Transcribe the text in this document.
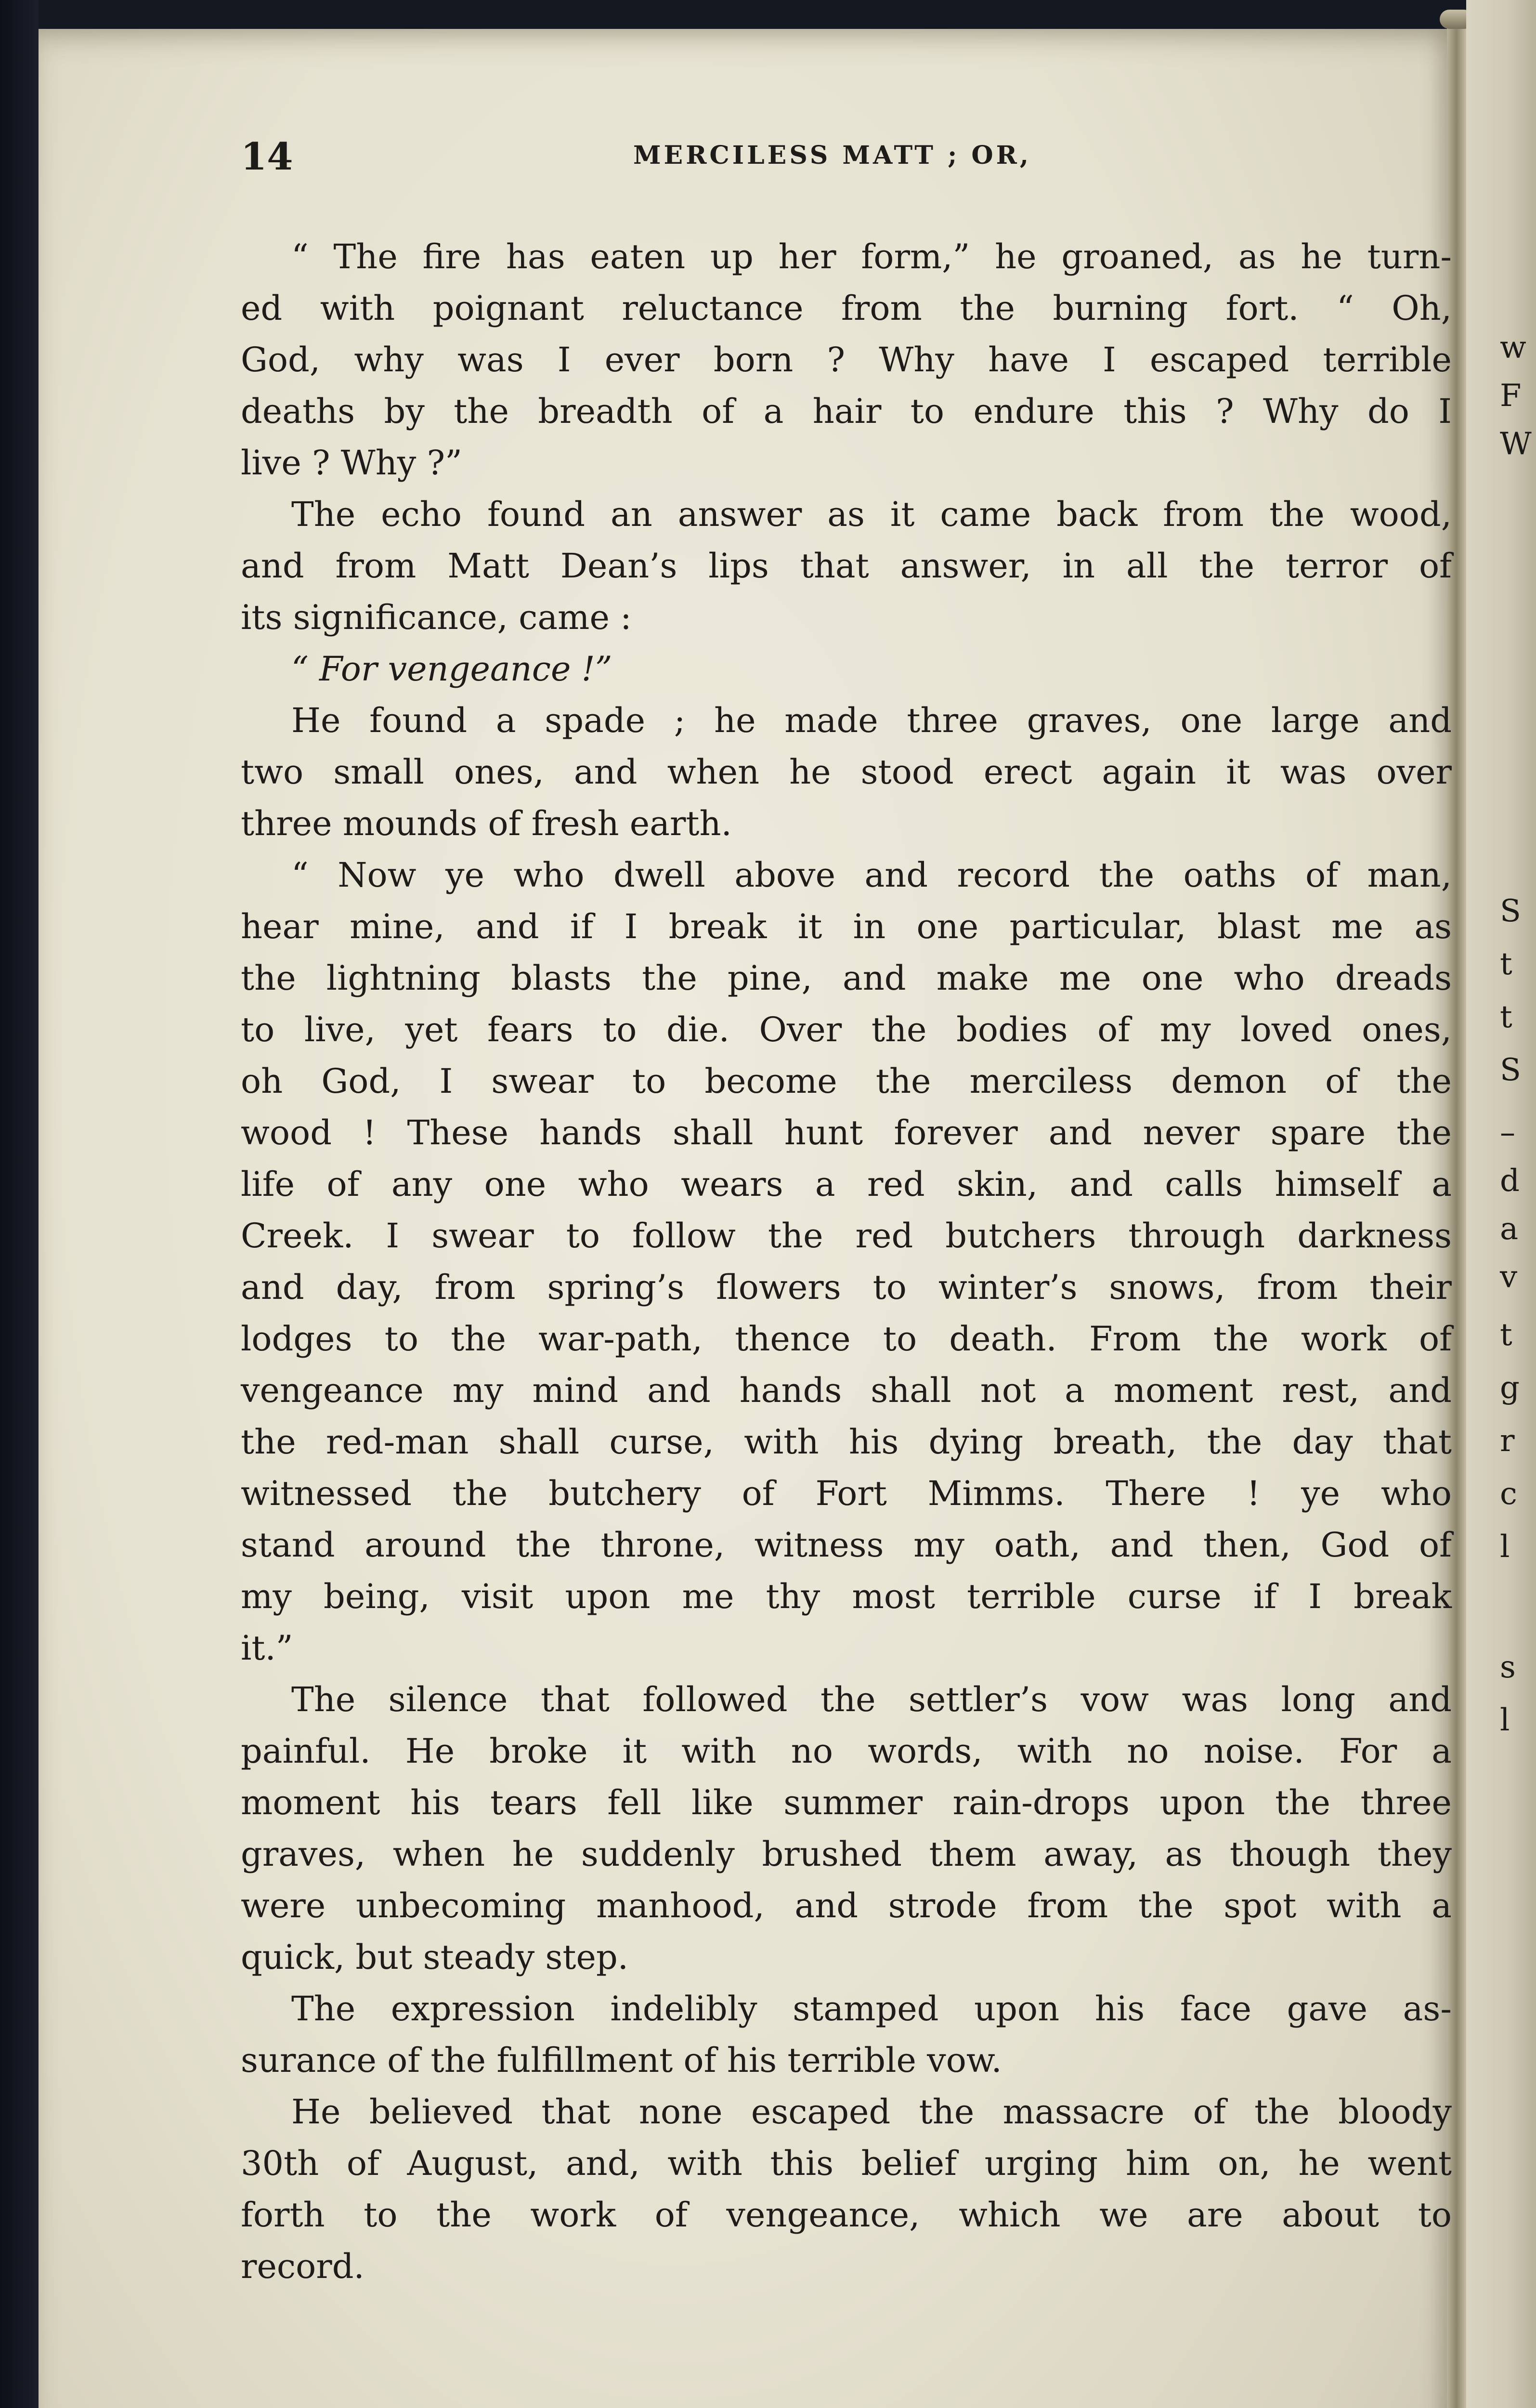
w
F
W
S
t
t
S
–
d
a
v
t
g
r
c
l
s
l
14	MERCILESS MATT ; OR,
“ The fire has eaten up her form,” he groaned, as he turn-
ed with poignant reluctance from the burning fort. “ Oh,
God, why was I ever born ? Why have I escaped terrible
deaths by the breadth of a hair to endure this ? Why do I
live ? Why ?”
The echo found an answer as it came back from the wood,
and from Matt Dean’s lips that answer, in all the terror of
its significance, came :
“ For vengeance !”
He found a spade ; he made three graves, one large and
two small ones, and when he stood erect again it was over
three mounds of fresh earth.
“ Now ye who dwell above and record the oaths of man,
hear mine, and if I break it in one particular, blast me as
the lightning blasts the pine, and make me one who dreads
to live, yet fears to die. Over the bodies of my loved ones,
oh God, I swear to become the merciless demon of the
wood ! These hands shall hunt forever and never spare the
life of any one who wears a red skin, and calls himself a
Creek. I swear to follow the red butchers through darkness
and day, from spring’s flowers to winter’s snows, from their
lodges to the war-path, thence to death. From the work of
vengeance my mind and hands shall not a moment rest, and
the red-man shall curse, with his dying breath, the day that
witnessed the butchery of Fort Mimms. There ! ye who
stand around the throne, witness my oath, and then, God of
my being, visit upon me thy most terrible curse if I break
it.”
The silence that followed the settler’s vow was long and
painful. He broke it with no words, with no noise. For a
moment his tears fell like summer rain-drops upon the three
graves, when he suddenly brushed them away, as though they
were unbecoming manhood, and strode from the spot with a
quick, but steady step.
The expression indelibly stamped upon his face gave as-
surance of the fulfillment of his terrible vow.
He believed that none escaped the massacre of the bloody
30th of August, and, with this belief urging him on, he went
forth to the work of vengeance, which we are about to
record.
